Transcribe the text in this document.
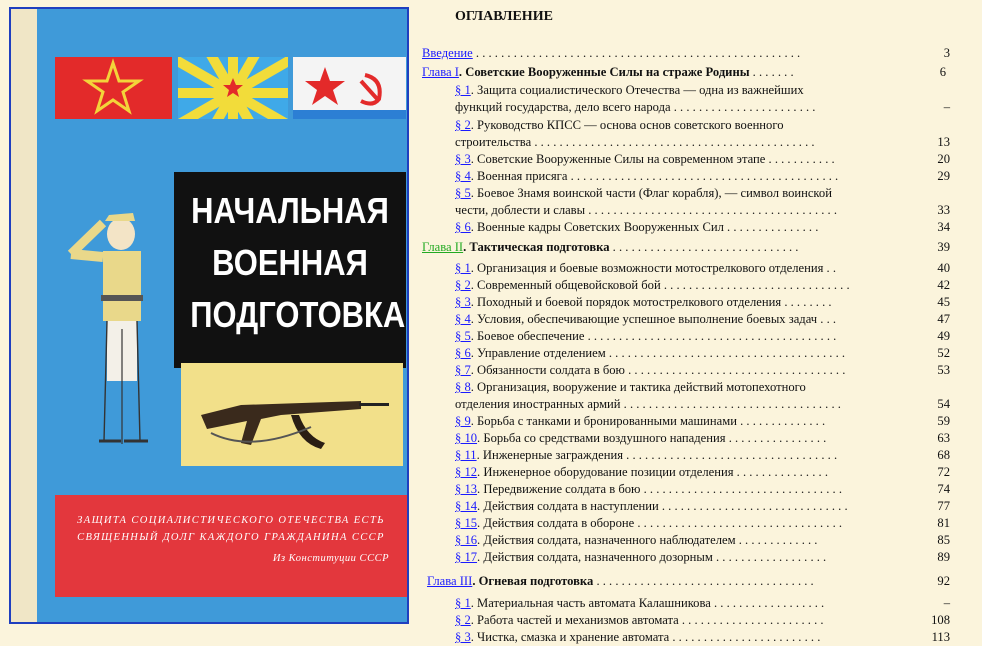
НАЧАЛЬНАЯ
ВОЕННАЯ
ПОДГОТОВКА
ЗАЩИТА СОЦИАЛИСТИЧЕСКОГО ОТЕЧЕСТВА ЕСТЬ
СВЯЩЕННЫЙ ДОЛГ КАЖДОГО ГРАЖДАНИНА СССР
Из Конституции СССР
ОГЛАВЛЕНИЕ
Введение . . . . . . . . . . . . . . . . . . . . . . . . . . . . . . . . . . . . . . . . . . . . . . . . . . . .	3
Глава I. Советские Вооруженные Силы на страже Родины . . . . . . .	6
§ 1. Защита социалистического Отечества — одна из важнейших
функций государства, дело всего народа . . . . . . . . . . . . . . . . . . . . . . .	–
§ 2. Руководство КПСС — основа основ советского военного
строительства . . . . . . . . . . . . . . . . . . . . . . . . . . . . . . . . . . . . . . . . . . . . .	13
§ 3. Советские Вооруженные Силы на современном этапе . . . . . . . . . . .	20
§ 4. Военная присяга . . . . . . . . . . . . . . . . . . . . . . . . . . . . . . . . . . . . . . . . . . .	29
§ 5. Боевое Знамя воинской части (Флаг корабля), — символ воинской
чести, доблести и славы . . . . . . . . . . . . . . . . . . . . . . . . . . . . . . . . . . . . . . . .	33
§ 6. Военные кадры Советских Вооруженных Сил . . . . . . . . . . . . . . .	34
Глава II. Тактическая подготовка . . . . . . . . . . . . . . . . . . . . . . . . . . . . . .	39
§ 1. Организация и боевые возможности мотострелкового отделения . .	40
§ 2. Современный общевойсковой бой . . . . . . . . . . . . . . . . . . . . . . . . . . . . . .	42
§ 3. Походный и боевой порядок мотострелкового отделения . . . . . . . .	45
§ 4. Условия, обеспечивающие успешное выполнение боевых задач . . .	47
§ 5. Боевое обеспечение . . . . . . . . . . . . . . . . . . . . . . . . . . . . . . . . . . . . . . . .	49
§ 6. Управление отделением . . . . . . . . . . . . . . . . . . . . . . . . . . . . . . . . . . . . . .	52
§ 7. Обязанности солдата в бою . . . . . . . . . . . . . . . . . . . . . . . . . . . . . . . . . . .	53
§ 8. Организация, вооружение и тактика действий мотопехотного
отделения иностранных армий . . . . . . . . . . . . . . . . . . . . . . . . . . . . . . . . . . .	54
§ 9. Борьба с танками и бронированными машинами . . . . . . . . . . . . . .	59
§ 10. Борьба со средствами воздушного нападения . . . . . . . . . . . . . . . .	63
§ 11. Инженерные заграждения . . . . . . . . . . . . . . . . . . . . . . . . . . . . . . . . . .	68
§ 12. Инженерное оборудование позиции отделения . . . . . . . . . . . . . . .	72
§ 13. Передвижение солдата в бою . . . . . . . . . . . . . . . . . . . . . . . . . . . . . . . .	74
§ 14. Действия солдата в наступлении . . . . . . . . . . . . . . . . . . . . . . . . . . . . . .	77
§ 15. Действия солдата в обороне . . . . . . . . . . . . . . . . . . . . . . . . . . . . . . . . .	81
§ 16. Действия солдата, назначенного наблюдателем . . . . . . . . . . . . .	85
§ 17. Действия солдата, назначенного дозорным . . . . . . . . . . . . . . . . . .	89
Глава III. Огневая подготовка . . . . . . . . . . . . . . . . . . . . . . . . . . . . . . . . . . .	92
§ 1. Материальная часть автомата Калашникова . . . . . . . . . . . . . . . . . .	–
§ 2. Работа частей и механизмов автомата . . . . . . . . . . . . . . . . . . . . . . .	108
§ 3. Чистка, смазка и хранение автомата . . . . . . . . . . . . . . . . . . . . . . . .	113
